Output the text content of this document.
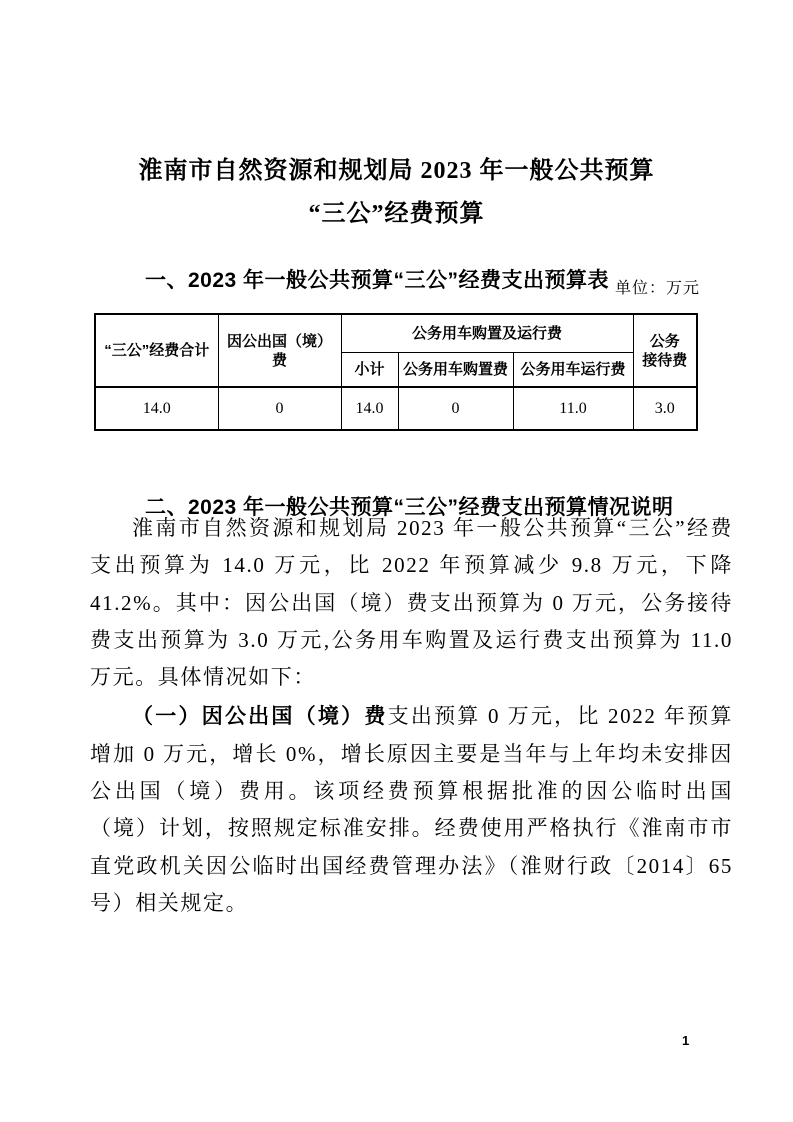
淮南市自然资源和规划局 2023 年一般公共预算
“三公”经费预算
一、2023 年一般公共预算“三公”经费支出预算表 单位：万元
“三公”经费合计	因公出国（境）费	公务用车购置及运行费			公务
接待费

		小计	公务用车购置费	公务用车运行费	
14.0	0	14.0	0	11.0	3.0
二、2023 年一般公共预算“三公”经费支出预算情况说明

淮南市自然资源和规划局 2023 年一般公共预算“三公”经费支出预算为 14.0 万元，比 2022 年预算减少 9.8 万元，下降 41.2%。其中：因公出国（境）费支出预算为 0 万元，公务接待费支出预算为 3.0 万元,公务用车购置及运行费支出预算为 11.0 万元。具体情况如下：

（一）因公出国（境）费支出预算 0 万元，比 2022 年预算增加 0 万元，增长 0%，增长原因主要是当年与上年均未安排因公出国（境）费用。该项经费预算根据批准的因公临时出国（境）计划，按照规定标准安排。经费使用严格执行《淮南市市直党政机关因公临时出国经费管理办法》（淮财行政〔2014〕65 号）相关规定。

1
